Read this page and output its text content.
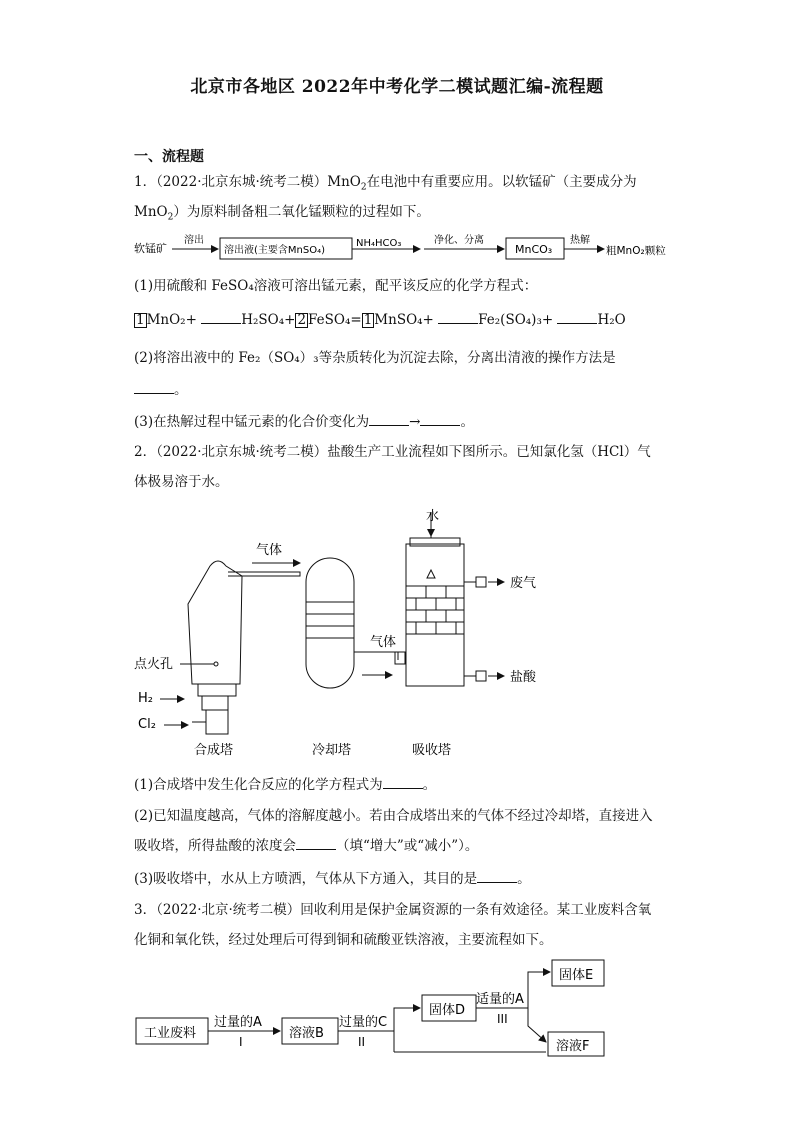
北京市各地区 2022年中考化学二模试题汇编-流程题
一、流程题
1．（2022·北京东城·统考二模）MnO$_2$在电池中有重要应用。以软锰矿（主要成分为
MnO$_2$）为原料制备粗二氧化锰颗粒的过程如下。
软锰矿
溶出
溶出液(主要含MnSO₄)
NH₄HCO₃	净化、分离
MnCO₃
热解
粗MnO₂颗粒
(1)用硫酸和 FeSO₄溶液可溶出锰元素，配平该反应的化学方程式：
1 MnO₂+	H₂SO₄+ 2 FeSO₄= 1 MnSO₄+	Fe₂(SO₄)₃+	H₂O
(2)将溶出液中的 Fe₂（SO₄）₃等杂质转化为沉淀去除，分离出清液的操作方法是
。
(3)在热解过程中锰元素的化合价变化为	→	。
2．（2022·北京东城·统考二模）盐酸生产工业流程如下图所示。已知氯化氢（HCl）气
体极易溶于水。
气体
气体
水
废气
盐酸
点火孔
H₂
Cl₂
合成塔	冷却塔	吸收塔
(1)合成塔中发生化合反应的化学方程式为	。
(2)已知温度越高，气体的溶解度越小。若由合成塔出来的气体不经过冷却塔，直接进入
吸收塔，所得盐酸的浓度会	（填“增大”或“减小”）。
(3)吸收塔中，水从上方喷洒，气体从下方通入，其目的是	。
3．（2022·北京·统考二模）回收利用是保护金属资源的一条有效途径。某工业废料含氧
化铜和氧化铁，经过处理后可得到铜和硫酸亚铁溶液，主要流程如下。
工业废料
过量的A
I
溶液B
过量的C
II
固体D
适量的A
III
固体E
溶液F
